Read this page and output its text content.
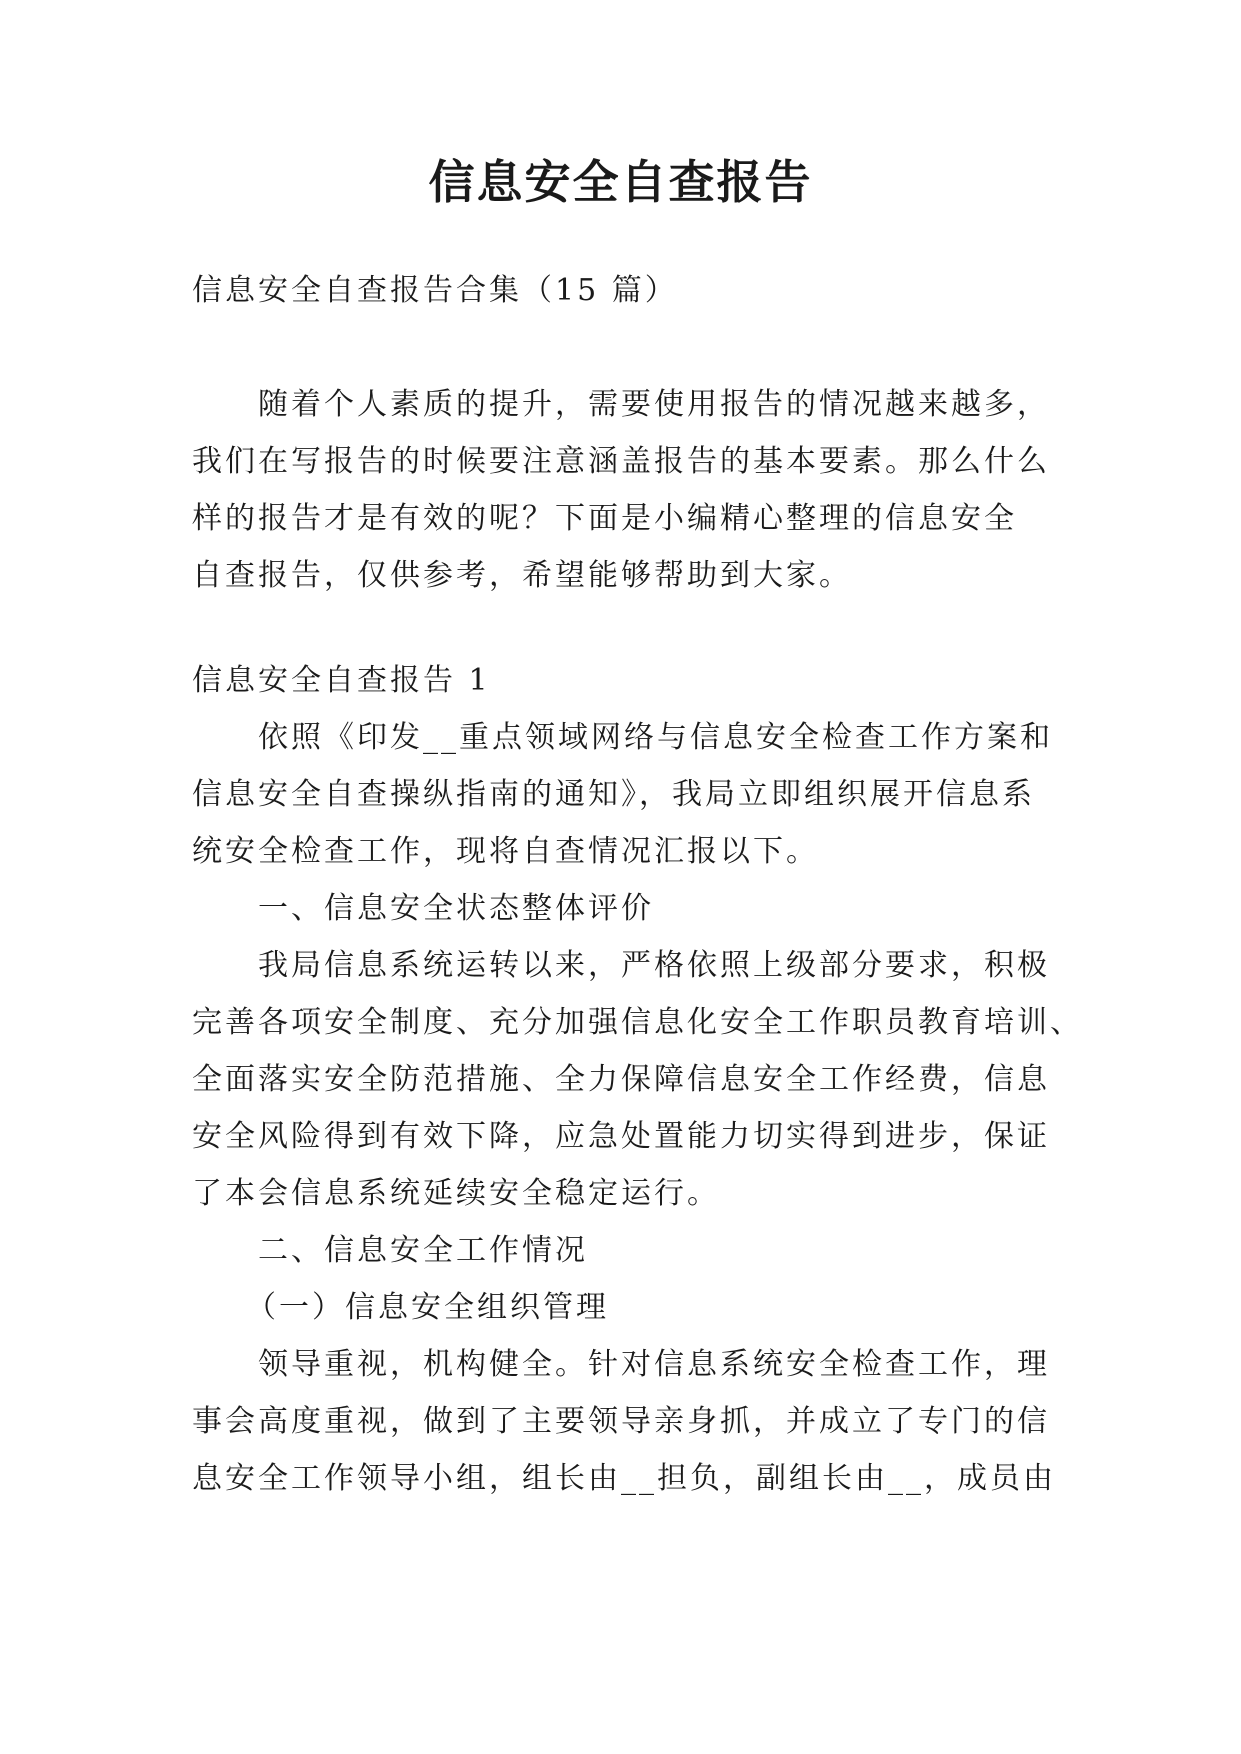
信息安全自查报告

信息安全自查报告合集（15 篇）

随着个人素质的提升，需要使用报告的情况越来越多，
我们在写报告的时候要注意涵盖报告的基本要素。那么什么
样的报告才是有效的呢？下面是小编精心整理的信息安全
自查报告，仅供参考，希望能够帮助到大家。

信息安全自查报告 1

依照《印发__重点领域网络与信息安全检查工作方案和
信息安全自查操纵指南的通知》，我局立即组织展开信息系
统安全检查工作，现将自查情况汇报以下。

一、信息安全状态整体评价

我局信息系统运转以来，严格依照上级部分要求，积极
完善各项安全制度、充分加强信息化安全工作职员教育培训、
全面落实安全防范措施、全力保障信息安全工作经费，信息
安全风险得到有效下降，应急处置能力切实得到进步，保证
了本会信息系统延续安全稳定运行。

二、信息安全工作情况

（一）信息安全组织管理

领导重视，机构健全。针对信息系统安全检查工作，理
事会高度重视，做到了主要领导亲身抓，并成立了专门的信
息安全工作领导小组，组长由__担负，副组长由__，成员由
